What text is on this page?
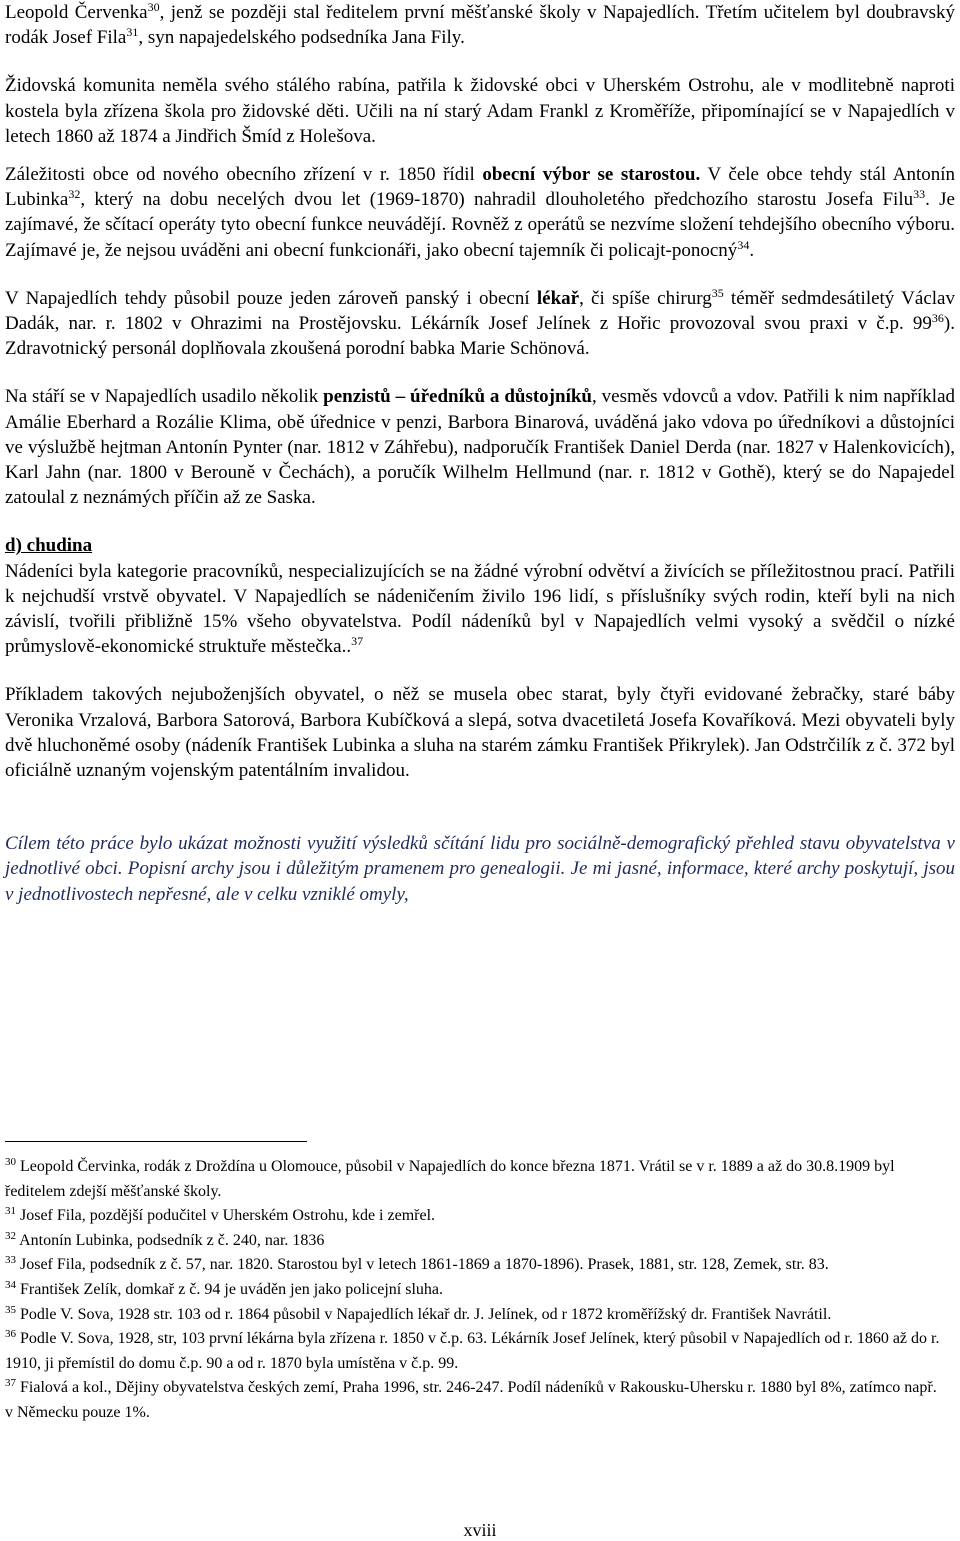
Leopold Červenka$^{30}$, jenž se později stal ředitelem první měšťanské školy v Napajedlích. Třetím učitelem byl doubravský rodák Josef Fila$^{31}$, syn napajedelského podsedníka Jana Fily.

Židovská komunita neměla svého stálého rabína, patřila k židovské obci v Uherském Ostrohu, ale v modlitebně naproti kostela byla zřízena škola pro židovské děti. Učili na ní starý Adam Frankl z Kroměříže, připomínající se v Napajedlích v letech 1860 až 1874 a Jindřich Šmíd z Holešova.

Záležitosti obce od nového obecního zřízení v r. 1850 řídil obecní výbor se starostou. V čele obce tehdy stál Antonín Lubinka$^{32}$, který na dobu necelých dvou let (1969-1870) nahradil dlouholetého předchozího starostu Josefa Filu$^{33}$. Je zajímavé, že sčítací operáty tyto obecní funkce neuvádějí. Rovněž z operátů se nezvíme složení tehdejšího obecního výboru. Zajímavé je, že nejsou uváděni ani obecní funkcionáři, jako obecní tajemník či policajt-ponocný$^{34}$.

V Napajedlích tehdy působil pouze jeden zároveň panský i obecní lékař, či spíše chirurg$^{35}$ téměř sedmdesátiletý Václav Dadák, nar. r. 1802 v Ohrazimi na Prostějovsku. Lékárník Josef Jelínek z Hořic provozoval svou praxi v č.p. $99^{36}$). Zdravotnický personál doplňovala zkoušená porodní babka Marie Schönová.

Na stáří se v Napajedlích usadilo několik penzistů – úředníků a důstojníků, vesměs vdovců a vdov. Patřili k nim například Amálie Eberhard a Rozálie Klima, obě úřednice v penzi, Barbora Binarová, uváděná jako vdova po úředníkovi a důstojníci ve výslužbě hejtman Antonín Pynter (nar. 1812 v Záhřebu), nadporučík František Daniel Derda (nar. 1827 v Halenkovicích), Karl Jahn (nar. 1800 v Berouně v Čechách), a poručík Wilhelm Hellmund (nar. r. 1812 v Gothě), který se do Napajedel zatoulal z neznámých příčin až ze Saska.

d) chudina

Nádeníci byla kategorie pracovníků, nespecializujících se na žádné výrobní odvětví a živících se příležitostnou prací. Patřili k nejchudší vrstvě obyvatel. V Napajedlích se nádeničením živilo 196 lidí, s příslušníky svých rodin, kteří byli na nich závislí, tvořili přibližně 15% všeho obyvatelstva. Podíl nádeníků byl v Napajedlích velmi vysoký a svědčil o nízké průmyslově-ekonomické struktuře městečka..$^{37}$

Příkladem takových nejuboženjších obyvatel, o něž se musela obec starat, byly čtyři evidované žebračky, staré báby Veronika Vrzalová, Barbora Satorová, Barbora Kubíčková a slepá, sotva dvacetiletá Josefa Kovaříková. Mezi obyvateli byly dvě hluchoněmé osoby (nádeník František Lubinka a sluha na starém zámku František Přikrylek). Jan Odstrčilík z č. 372 byl oficiálně uznaným vojenským patentálním invalidou.

Cílem této práce bylo ukázat možnosti využití výsledků sčítání lidu pro sociálně-demografický přehled stavu obyvatelstva v jednotlivé obci. Popisní archy jsou i důležitým pramenem pro genealogii. Je mi jasné, informace, které archy poskytují, jsou v jednotlivostech nepřesné, ale v celku vzniklé omyly,

$^{30}$ Leopold Červinka, rodák z Droždína u Olomouce, působil v Napajedlích do konce března 1871. Vrátil se v r. 1889 a až do 30.8.1909 byl ředitelem zdejší měšťanské školy.

$^{31}$ Josef Fila, pozdější podučitel v Uherském Ostrohu, kde i zemřel.

$^{32}$ Antonín Lubinka, podsedník z č. 240, nar. 1836

$^{33}$ Josef Fila, podsedník z č. 57, nar. 1820. Starostou byl v letech 1861-1869 a 1870-1896). Prasek, 1881, str. 128, Zemek, str. 83.

$^{34}$ František Zelík, domkař z č. 94 je uváděn jen jako policejní sluha.

$^{35}$ Podle V. Sova, 1928 str. 103 od r. 1864 působil v Napajedlích lékař dr. J. Jelínek, od r 1872 kroměřížský dr. František Navrátil.

$^{36}$ Podle V. Sova, 1928, str, 103 první lékárna byla zřízena r. 1850 v č.p. 63. Lékárník Josef Jelínek, který působil v Napajedlích od r. 1860 až do r. 1910, ji přemístil do domu č.p. 90 a od r. 1870 byla umístěna v č.p. 99.

$^{37}$ Fialová a kol., Dějiny obyvatelstva českých zemí, Praha 1996, str. 246-247. Podíl nádeníků v Rakousku-Uhersku r. 1880 byl 8%, zatímco např. v Německu pouze 1%.

xviii
